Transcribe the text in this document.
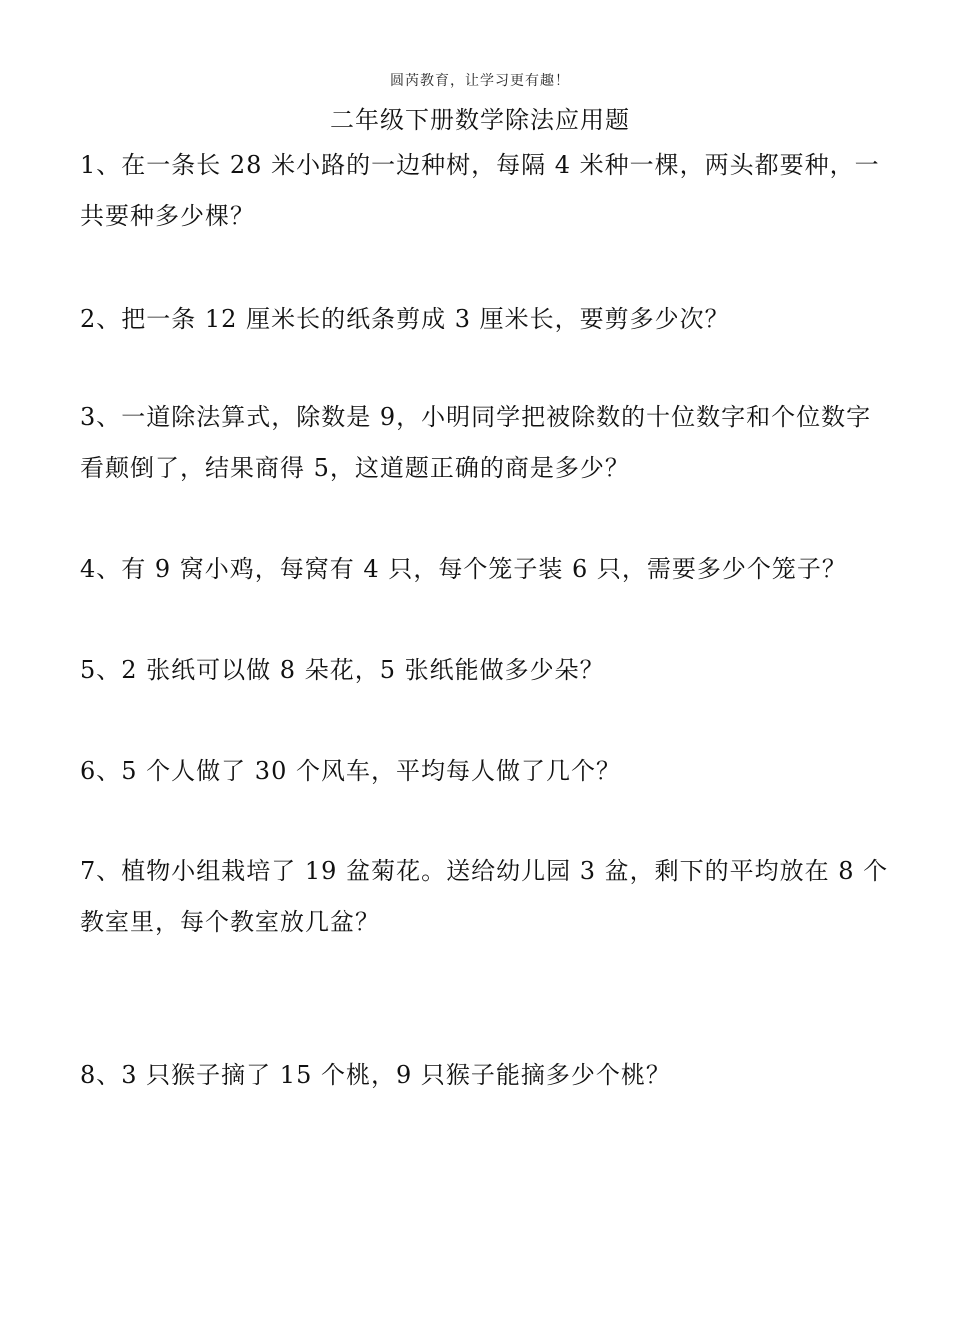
圆芮教育，让学习更有趣！
二年级下册数学除法应用题
1、在一条长 28 米小路的一边种树，每隔 4 米种一棵，两头都要种，一共要种多少棵？
2、把一条 12 厘米长的纸条剪成 3 厘米长，要剪多少次？
3、一道除法算式，除数是 9，小明同学把被除数的十位数字和个位数字看颠倒了，结果商得 5，这道题正确的商是多少？
4、有 9 窝小鸡，每窝有 4 只，每个笼子装 6 只，需要多少个笼子？
5、2 张纸可以做 8 朵花，5 张纸能做多少朵？
6、5 个人做了 30 个风车，平均每人做了几个？
7、植物小组栽培了 19 盆菊花。送给幼儿园 3 盆，剩下的平均放在 8 个教室里，每个教室放几盆？
8、3 只猴子摘了 15 个桃，9 只猴子能摘多少个桃？
